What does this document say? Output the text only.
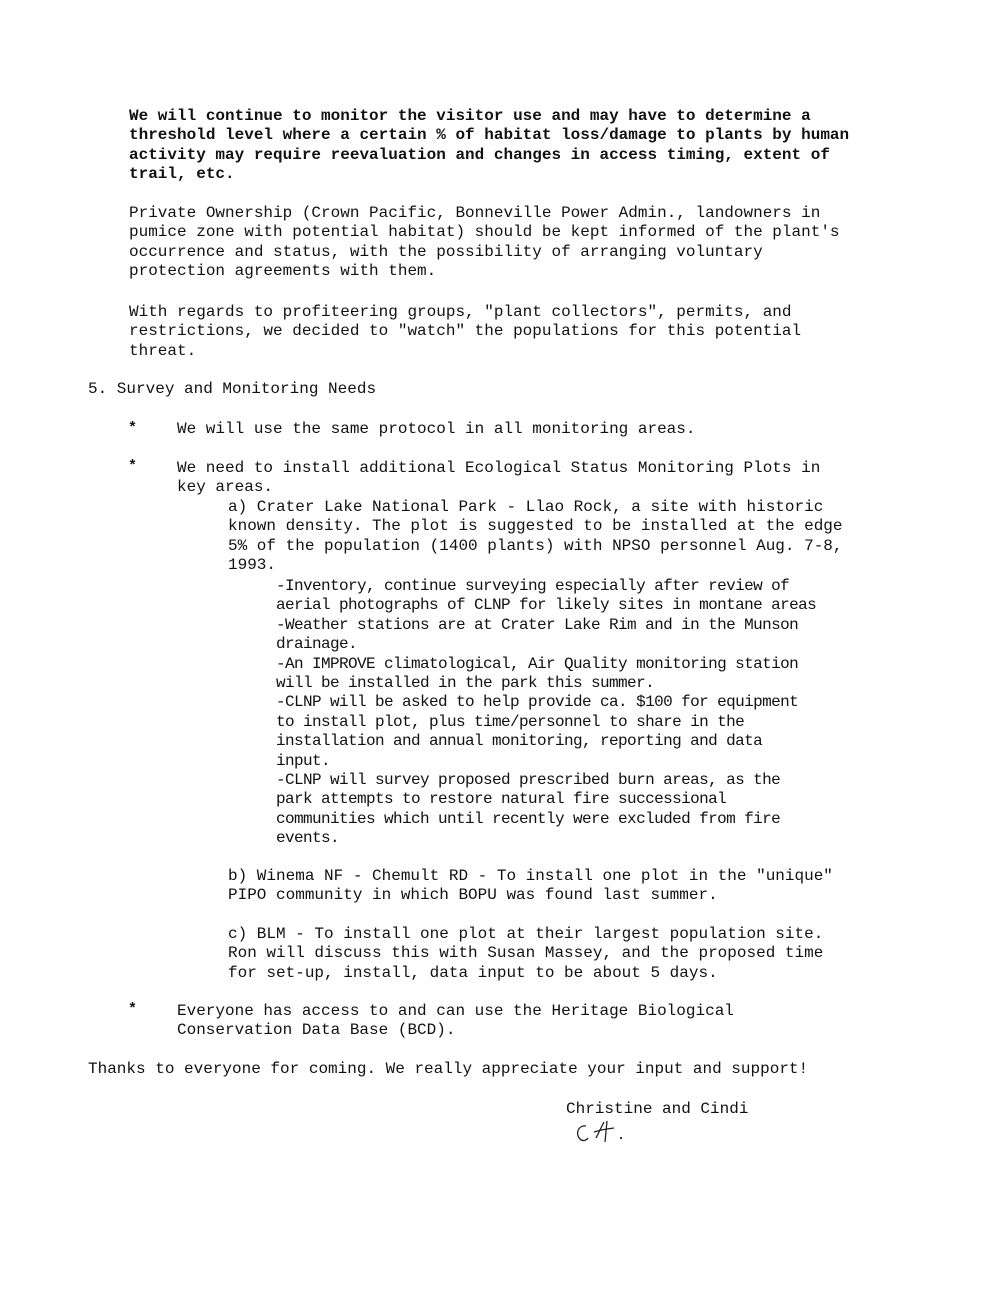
We will continue to monitor the visitor use and may have to determine a
threshold level where a certain % of habitat loss/damage to plants by human
activity may require reevaluation and changes in access timing, extent of
trail, etc.

Private Ownership (Crown Pacific, Bonneville Power Admin., landowners in
pumice zone with potential habitat) should be kept informed of the plant's
occurrence and status, with the possibility of arranging voluntary
protection agreements with them.

With regards to profiteering groups, "plant collectors", permits, and
restrictions, we decided to "watch" the populations for this potential
threat.

5. Survey and Monitoring Needs

* We will use the same protocol in all monitoring areas.

* We need to install additional Ecological Status Monitoring Plots in
key areas.

a) Crater Lake National Park - Llao Rock, a site with historic
known density. The plot is suggested to be installed at the edge
5% of the population (1400 plants) with NPSO personnel Aug. 7-8,
1993.

-Inventory, continue surveying especially after review of
aerial photographs of CLNP for likely sites in montane areas
-Weather stations are at Crater Lake Rim and in the Munson
drainage.
-An IMPROVE climatological, Air Quality monitoring station
will be installed in the park this summer.
-CLNP will be asked to help provide ca. $100 for equipment
to install plot, plus time/personnel to share in the
installation and annual monitoring, reporting and data
input.
-CLNP will survey proposed prescribed burn areas, as the
park attempts to restore natural fire successional
communities which until recently were excluded from fire
events.

b) Winema NF - Chemult RD - To install one plot in the "unique"
PIPO community in which BOPU was found last summer.

c) BLM - To install one plot at their largest population site.
Ron will discuss this with Susan Massey, and the proposed time
for set-up, install, data input to be about 5 days.

* Everyone has access to and can use the Heritage Biological
Conservation Data Base (BCD).

Thanks to everyone for coming. We really appreciate your input and support!

Christine and Cindi
